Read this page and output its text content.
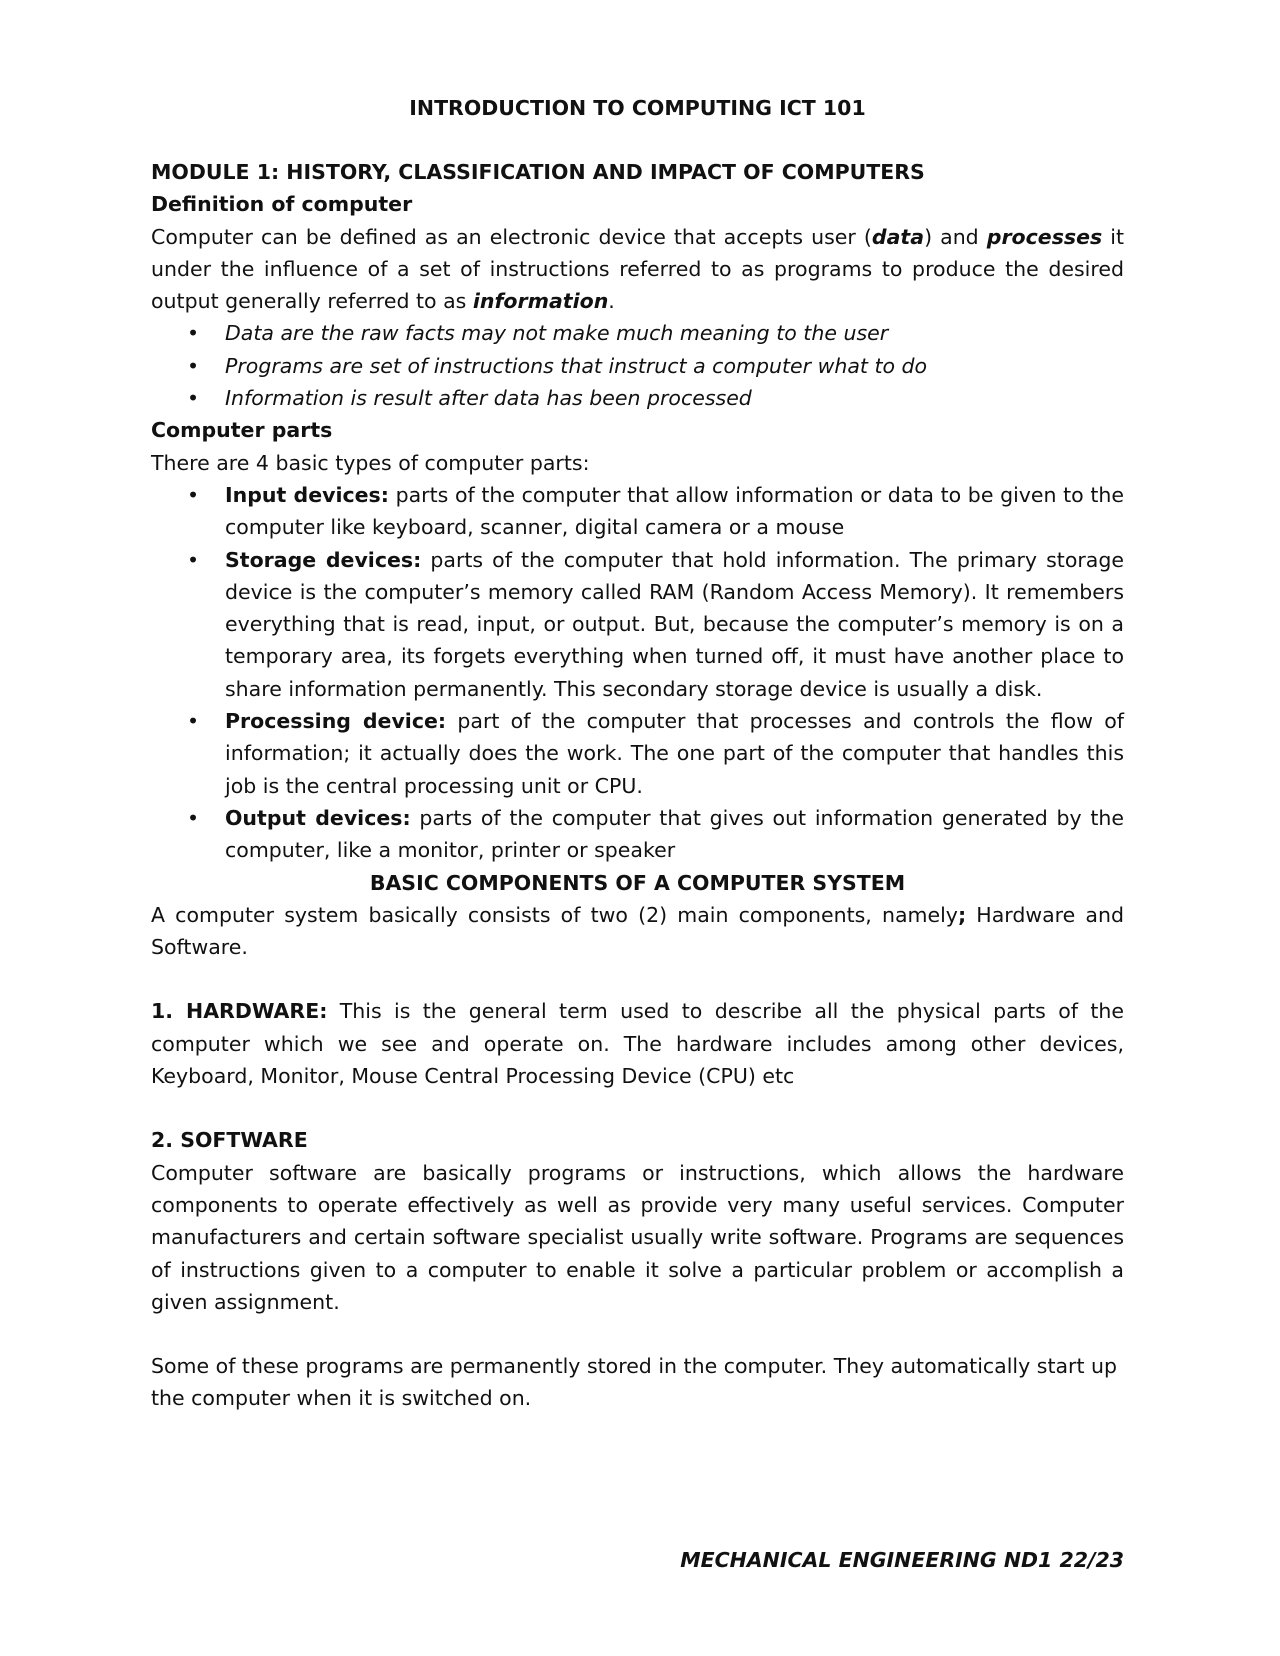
INTRODUCTION TO COMPUTING ICT 101

MODULE 1: HISTORY, CLASSIFICATION AND IMPACT OF COMPUTERS

Definition of computer

Computer can be defined as an electronic device that accepts user (data) and processes it under the influence of a set of instructions referred to as programs to produce the desired output generally referred to as information.

• Data are the raw facts may not make much meaning to the user
• Programs are set of instructions that instruct a computer what to do
• Information is result after data has been processed

Computer parts

There are 4 basic types of computer parts:

• Input devices: parts of the computer that allow information or data to be given to the computer like keyboard, scanner, digital camera or a mouse
• Storage devices: parts of the computer that hold information. The primary storage device is the computer’s memory called RAM (Random Access Memory). It remembers everything that is read, input, or output. But, because the computer’s memory is on a temporary area, its forgets everything when turned off, it must have another place to share information permanently. This secondary storage device is usually a disk.
• Processing device: part of the computer that processes and controls the flow of information; it actually does the work. The one part of the computer that handles this job is the central processing unit or CPU.
• Output devices: parts of the computer that gives out information generated by the computer, like a monitor, printer or speaker

BASIC COMPONENTS OF A COMPUTER SYSTEM

A computer system basically consists of two (2) main components, namely; Hardware and Software.

1. HARDWARE: This is the general term used to describe all the physical parts of the computer which we see and operate on. The hardware includes among other devices, Keyboard, Monitor, Mouse Central Processing Device (CPU) etc

2. SOFTWARE

Computer software are basically programs or instructions, which allows the hardware components to operate effectively as well as provide very many useful services. Computer manufacturers and certain software specialist usually write software. Programs are sequences of instructions given to a computer to enable it solve a particular problem or accomplish a given assignment.

Some of these programs are permanently stored in the computer. They automatically start up the computer when it is switched on.

MECHANICAL ENGINEERING ND1 22/23
